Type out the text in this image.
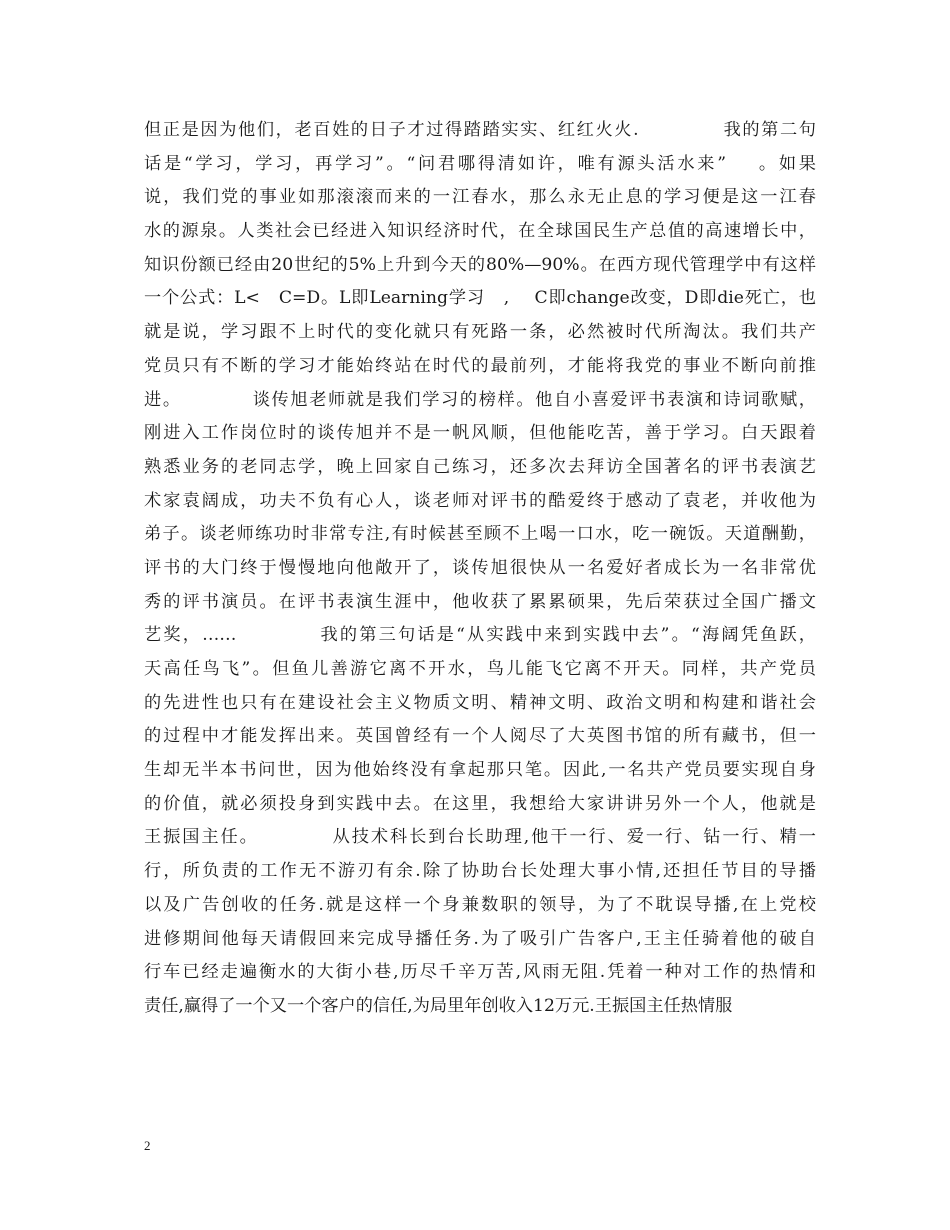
但正是因为他们，老百姓的日子才过得踏踏实实、红红火火.            我的第二句
话是“学习，学习，再学习”。“问君哪得清如许，唯有源头活水来”    。如果
说，我们党的事业如那滚滚而来的一江春水，那么永无止息的学习便是这一江春
水的源泉。人类社会已经进入知识经济时代，在全球国民生产总值的高速增长中，
知识份额已经由20世纪的5%上升到今天的80%—90%。在西方现代管理学中有这样
一个公式：L<   C=D。L即Learning学习   ,    C即change改变，D即die死亡，也
就是说，学习跟不上时代的变化就只有死路一条，必然被时代所淘汰。我们共产
党员只有不断的学习才能始终站在时代的最前列，才能将我党的事业不断向前推
进。          谈传旭老师就是我们学习的榜样。他自小喜爱评书表演和诗词歌赋，
刚进入工作岗位时的谈传旭并不是一帆风顺，但他能吃苦，善于学习。白天跟着
熟悉业务的老同志学，晚上回家自己练习，还多次去拜访全国著名的评书表演艺
术家袁阔成，功夫不负有心人，谈老师对评书的酷爱终于感动了袁老，并收他为
弟子。谈老师练功时非常专注,有时候甚至顾不上喝一口水，吃一碗饭。天道酬勤，
评书的大门终于慢慢地向他敞开了，谈传旭很快从一名爱好者成长为一名非常优
秀的评书演员。在评书表演生涯中，他收获了累累硕果，先后荣获过全国广播文
艺奖，……           我的第三句话是“从实践中来到实践中去”。“海阔凭鱼跃，
天高任鸟飞”。但鱼儿善游它离不开水，鸟儿能飞它离不开天。同样，共产党员
的先进性也只有在建设社会主义物质文明、精神文明、政治文明和构建和谐社会
的过程中才能发挥出来。英国曾经有一个人阅尽了大英图书馆的所有藏书，但一
生却无半本书问世，因为他始终没有拿起那只笔。因此,一名共产党员要实现自身
的价值，就必须投身到实践中去。在这里，我想给大家讲讲另外一个人，他就是
王振国主任。          从技术科长到台长助理,他干一行、爱一行、钻一行、精一
行，所负责的工作无不游刃有余.除了协助台长处理大事小情,还担任节目的导播
以及广告创收的任务.就是这样一个身兼数职的领导，为了不耽误导播,在上党校
进修期间他每天请假回来完成导播任务.为了吸引广告客户,王主任骑着他的破自
行车已经走遍衡水的大街小巷,历尽千辛万苦,风雨无阻.凭着一种对工作的热情和
责任,赢得了一个又一个客户的信任,为局里年创收入12万元.王振国主任热情服
2
